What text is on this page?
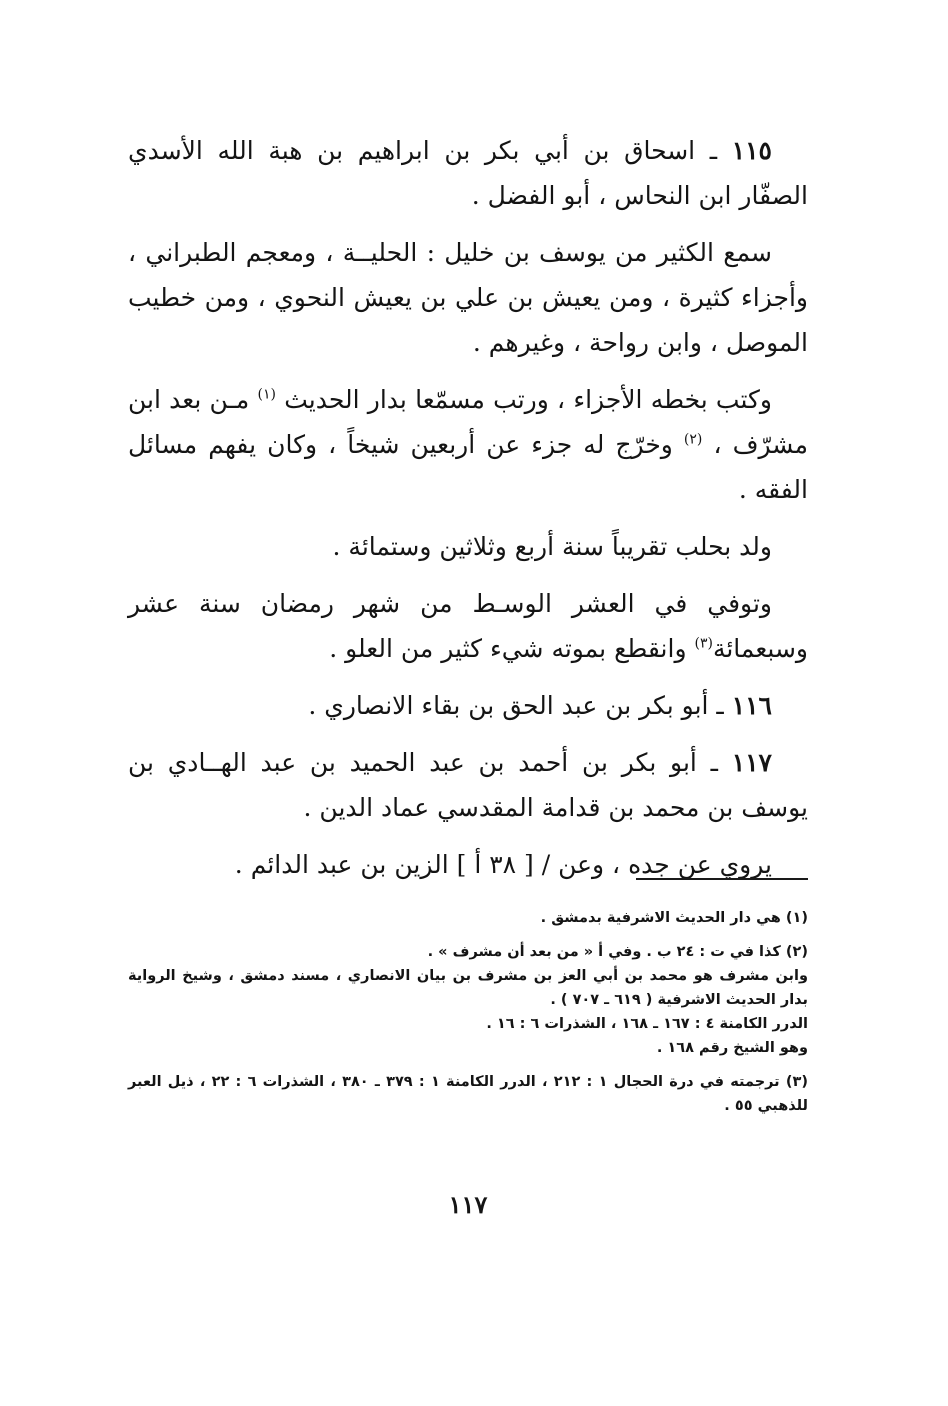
١١٥ ـ اسحاق بن أبي بكر بن ابراهيم بن هبة الله الأسدي الصفّار ابن النحاس ، أبو الفضل .

سمع الكثير من يوسف بن خليل : الحليــة ، ومعجم الطبراني ، وأجزاء كثيرة ، ومن يعيش بن علي بن يعيش النحوي ، ومن خطيب الموصل ، وابن رواحة ، وغيرهم .

وكتب بخطه الأجزاء ، ورتب مسمّعا بدار الحديث $^{(١)}$ مـن بعد ابن مشرّف ، $^{(٢)}$ وخرّج له جزء عن أربعين شيخاً ، وكان يفهم مسائل الفقه .

ولد بحلب تقريباً سنة أربع وثلاثين وستمائة .

وتوفي في العشر الوسـط من شهر رمضان سنة عشر وسبعمائة$^{(٣)}$ وانقطع بموته شيء كثير من العلو .

١١٦ ـ أبو بكر بن عبد الحق بن بقاء الانصاري .

١١٧ ـ أبو بكر بن أحمد بن عبد الحميد بن عبد الهــادي بن يوسف بن محمد بن قدامة المقدسي عماد الدين .

يروي عن جده ، وعن / [ ٣٨ أ ] الزين بن عبد الدائم .

(١) هي دار الحديث الاشرفية بدمشق .

(٢) كذا في ت : ٢٤ ب . وفي أ « من بعد أن مشرف » .

وابن مشرف هو محمد بن أبي العز بن مشرف بن بيان الانصاري ، مسند دمشق ، وشيخ الرواية بدار الحديث الاشرفية ( ٦١٩ ـ ٧٠٧ ) .

الدرر الكامنة ٤ : ١٦٧ ـ ١٦٨ ، الشذرات ٦ : ١٦ .

وهو الشيخ رقم ١٦٨ .

(٣) ترجمته في درة الحجال ١ : ٢١٢ ، الدرر الكامنة ١ : ٣٧٩ ـ ٣٨٠ ، الشذرات ٦ : ٢٢ ، ذيل العبر للذهبي ٥٥ .

١١٧
